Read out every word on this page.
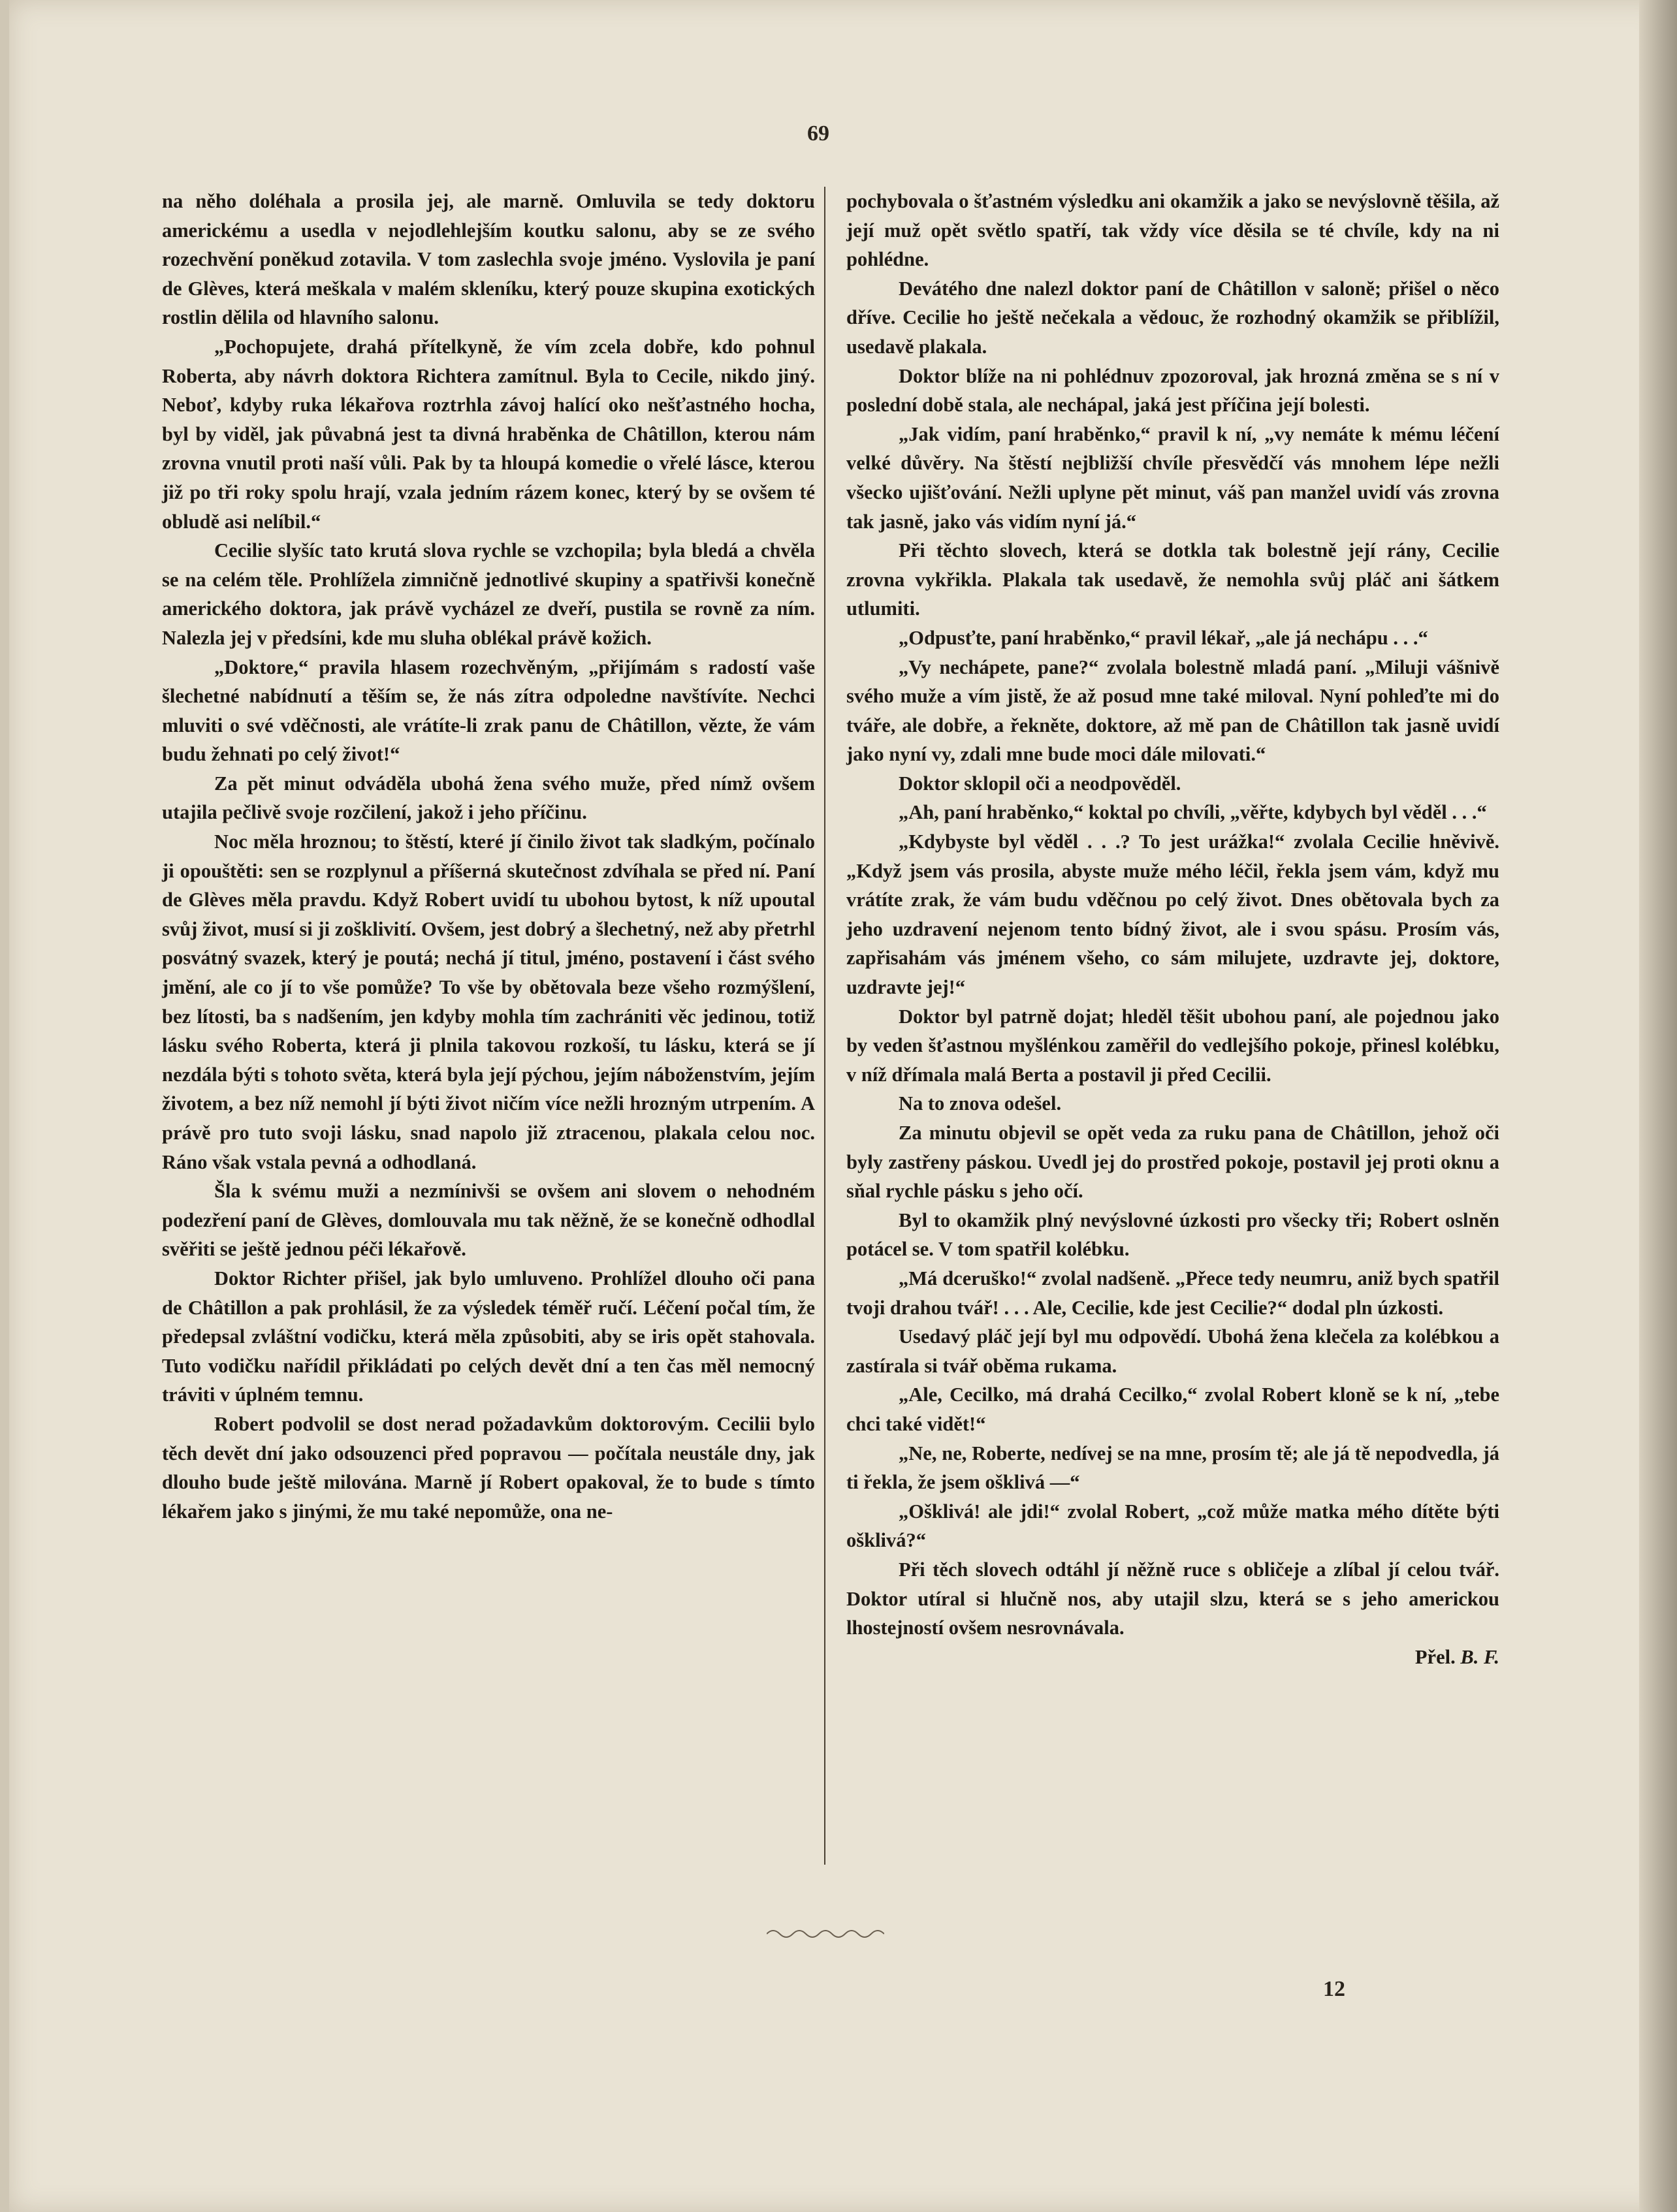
69

na něho doléhala a prosila jej, ale marně. Omluvila se tedy doktoru americkému a usedla v nejodlehlejším koutku salonu, aby se ze svého rozechvění poněkud zotavila. V tom zaslechla svoje jméno. Vyslovila je paní de Glèves, která meškala v malém skleníku, který pouze skupina exotických rostlin dělila od hlavního salonu.

„Pochopujete, drahá přítelkyně, že vím zcela dobře, kdo pohnul Roberta, aby návrh doktora Richtera zamítnul. Byla to Cecile, nikdo jiný. Neboť, kdyby ruka lékařova roztrhla závoj halící oko nešťastného hocha, byl by viděl, jak půvabná jest ta divná hraběnka de Châtillon, kterou nám zrovna vnutil proti naší vůli. Pak by ta hloupá komedie o vřelé lásce, kterou již po tři roky spolu hrají, vzala jedním rázem konec, který by se ovšem té obludě asi nelíbil.“

Cecilie slyšíc tato krutá slova rychle se vzchopila; byla bledá a chvěla se na celém těle. Prohlížela zimničně jednotlivé skupiny a spatřivši konečně amerického doktora, jak právě vycházel ze dveří, pustila se rovně za ním. Nalezla jej v předsíni, kde mu sluha oblékal právě kožich.

„Doktore,“ pravila hlasem rozechvěným, „přijímám s radostí vaše šlechetné nabídnutí a těším se, že nás zítra odpoledne navštívíte. Nechci mluviti o své vděčnosti, ale vrátíte-li zrak panu de Châtillon, vězte, že vám budu žehnati po celý život!“

Za pět minut odváděla ubohá žena svého muže, před nímž ovšem utajila pečlivě svoje rozčilení, jakož i jeho příčinu.

Noc měla hroznou; to štěstí, které jí činilo život tak sladkým, počínalo ji opouštěti: sen se rozplynul a příšerná skutečnost zdvíhala se před ní. Paní de Glèves měla pravdu. Když Robert uvidí tu ubohou bytost, k níž upoutal svůj život, musí si ji zošklivití. Ovšem, jest dobrý a šlechetný, než aby přetrhl posvátný svazek, který je poutá; nechá jí titul, jméno, postavení i část svého jmění, ale co jí to vše pomůže? To vše by obětovala beze všeho rozmýšlení, bez lítosti, ba s nadšením, jen kdyby mohla tím zachrániti věc jedinou, totiž lásku svého Roberta, která ji plnila takovou rozkoší, tu lásku, která se jí nezdála býti s tohoto světa, která byla její pýchou, jejím náboženstvím, jejím životem, a bez níž nemohl jí býti život ničím více nežli hrozným utrpením. A právě pro tuto svoji lásku, snad napolo již ztracenou, plakala celou noc. Ráno však vstala pevná a odhodlaná.

Šla k svému muži a nezmínivši se ovšem ani slovem o nehodném podezření paní de Glèves, domlouvala mu tak něžně, že se konečně odhodlal svěřiti se ještě jednou péči lékařově.

Doktor Richter přišel, jak bylo umluveno. Prohlížel dlouho oči pana de Châtillon a pak prohlásil, že za výsledek téměř ručí. Léčení počal tím, že předepsal zvláštní vodičku, která měla způsobiti, aby se iris opět stahovala. Tuto vodičku nařídil přikládati po celých devět dní a ten čas měl nemocný tráviti v úplném temnu.

Robert podvolil se dost nerad požadavkům doktorovým. Cecilii bylo těch devět dní jako odsouzenci před popravou — počítala neustále dny, jak dlouho bude ještě milována. Marně jí Robert opakoval, že to bude s tímto lékařem jako s jinými, že mu také nepomůže, ona ne-

pochybovala o šťastném výsledku ani okamžik a jako se nevýslovně těšila, až její muž opět světlo spatří, tak vždy více děsila se té chvíle, kdy na ni pohlédne.

Devátého dne nalezl doktor paní de Châtillon v salonĕ; přišel o něco dříve. Cecilie ho ještě nečekala a vědouc, že rozhodný okamžik se přiblížil, usedavě plakala.

Doktor blíže na ni pohlédnuv zpozoroval, jak hrozná změna se s ní v poslední době stala, ale nechápal, jaká jest příčina její bolesti.

„Jak vidím, paní hraběnko,“ pravil k ní, „vy nemáte k mému léčení velké důvěry. Na štěstí nejbližší chvíle přesvědčí vás mnohem lépe nežli všecko ujišťování. Nežli uplyne pět minut, váš pan manžel uvidí vás zrovna tak jasně, jako vás vidím nyní já.“

Při těchto slovech, která se dotkla tak bolestně její rány, Cecilie zrovna vykřikla. Plakala tak usedavě, že nemohla svůj pláč ani šátkem utlumiti.

„Odpusťte, paní hraběnko,“ pravil lékař, „ale já nechápu . . .“

„Vy nechápete, pane?“ zvolala bolestně mladá paní. „Miluji vášnivě svého muže a vím jistě, že až posud mne také miloval. Nyní pohleďte mi do tváře, ale dobře, a řekněte, doktore, až mě pan de Châtillon tak jasně uvidí jako nyní vy, zdali mne bude moci dále milovati.“

Doktor sklopil oči a neodpověděl.

„Ah, paní hraběnko,“ koktal po chvíli, „věřte, kdybych byl věděl . . .“

„Kdybyste byl věděl . . .? To jest urážka!“ zvolala Cecilie hněvivě. „Když jsem vás prosila, abyste muže mého léčil, řekla jsem vám, když mu vrátíte zrak, že vám budu vděčnou po celý život. Dnes obětovala bych za jeho uzdravení nejenom tento bídný život, ale i svou spásu. Prosím vás, zapřisahám vás jménem všeho, co sám milujete, uzdravte jej, doktore, uzdravte jej!“

Doktor byl patrně dojat; hleděl těšit ubohou paní, ale pojednou jako by veden šťastnou myšlénkou zaměřil do vedlejšího pokoje, přinesl kolébku, v níž dřímala malá Berta a postavil ji před Cecilii.

Na to znova odešel.

Za minutu objevil se opět veda za ruku pana de Châtillon, jehož oči byly zastřeny páskou. Uvedl jej do prostřed pokoje, postavil jej proti oknu a sňal rychle pásku s jeho očí.

Byl to okamžik plný nevýslovné úzkosti pro všecky tři; Robert oslněn potácel se. V tom spatřil kolébku.

„Má dceruško!“ zvolal nadšeně. „Přece tedy neumru, aniž bych spatřil tvoji drahou tvář! . . . Ale, Cecilie, kde jest Cecilie?“ dodal pln úzkosti.

Usedavý pláč její byl mu odpovědí. Ubohá žena klečela za kolébkou a zastírala si tvář oběma rukama.

„Ale, Cecilko, má drahá Cecilko,“ zvolal Robert kloně se k ní, „tebe chci také vidět!“

„Ne, ne, Roberte, nedívej se na mne, prosím tě; ale já tě nepodvedla, já ti řekla, že jsem ošklivá —“

„Ošklivá! ale jdi!“ zvolal Robert, „což může matka mého dítěte býti ošklivá?“

Při těch slovech odtáhl jí něžně ruce s obličeje a zlíbal jí celou tvář. Doktor utíral si hlučně nos, aby utajil slzu, která se s jeho americkou lhostejností ovšem nesrovnávala.

Přel. B. F.

12
